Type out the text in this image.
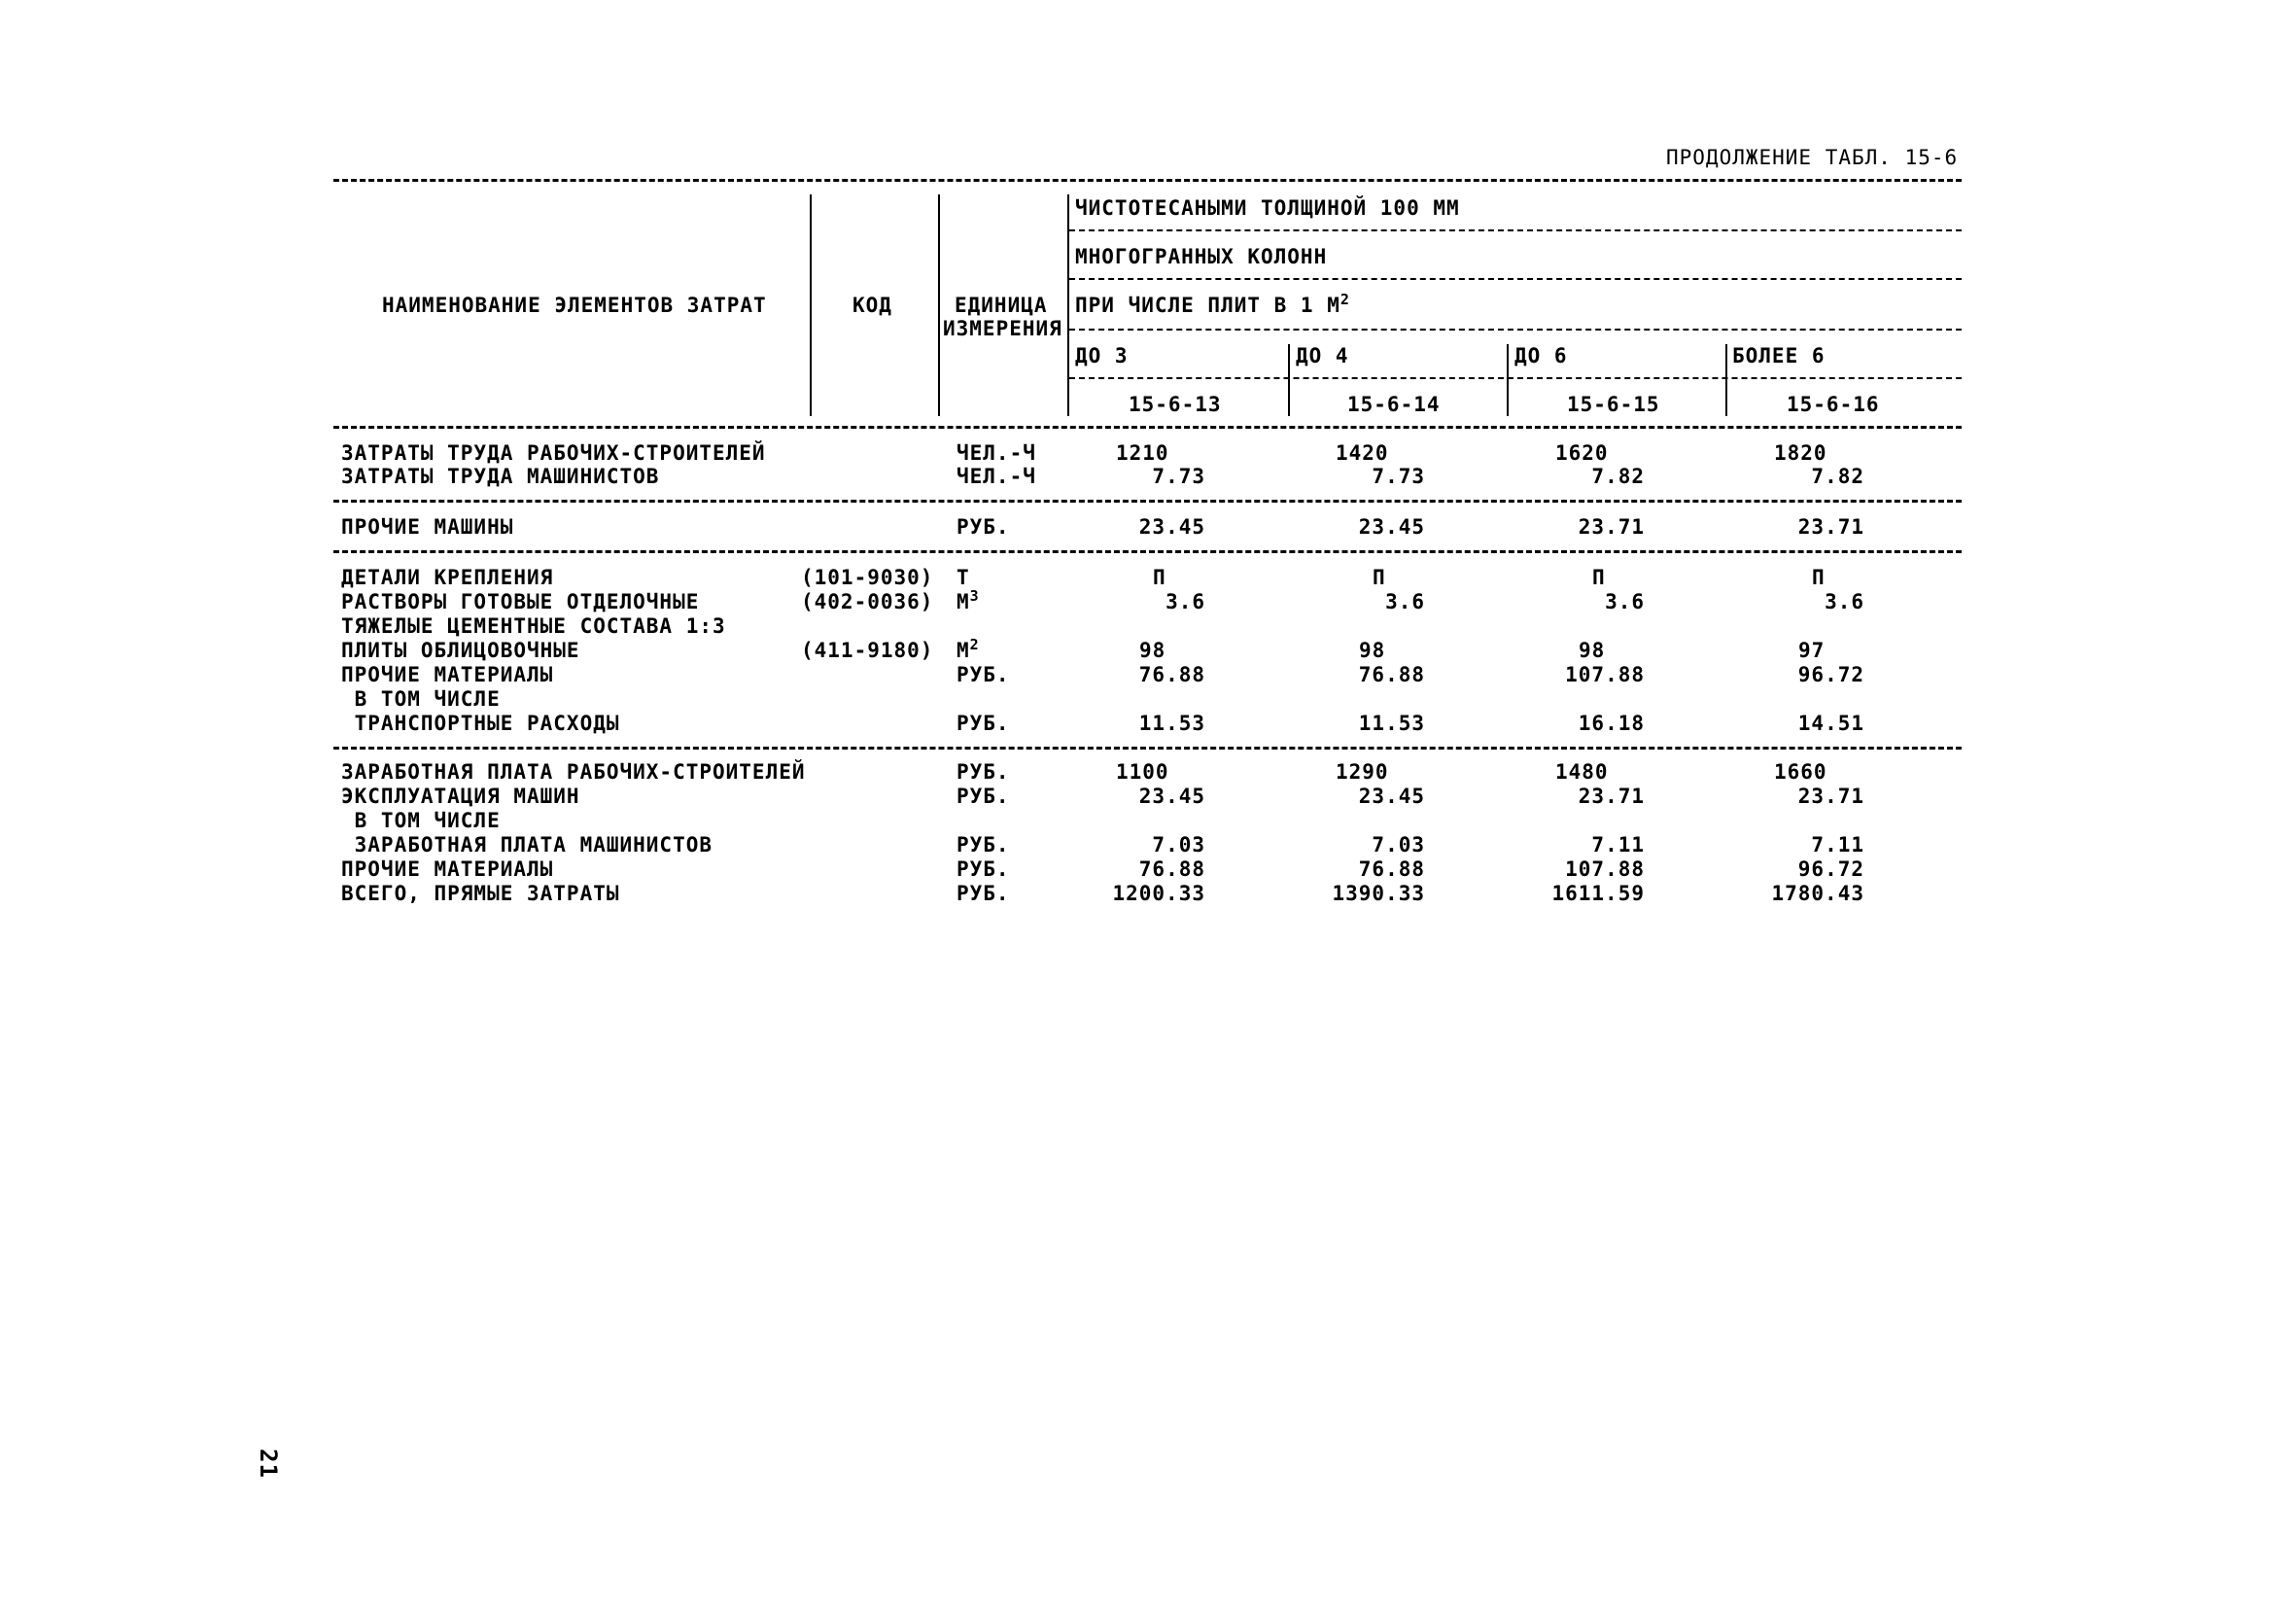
ПРОДОЛЖЕНИЕ ТАБЛ. 15-6
НАИМЕНОВАНИЕ ЭЛЕМЕНТОВ ЗАТРАТ	КОД	ЕДИНИЦА
ИЗМЕРЕНИЯ
ЧИСТОТЕСАНЫМИ ТОЛЩИНОЙ 100 ММ
МНОГОГРАННЫХ КОЛОНН
ПРИ ЧИСЛЕ ПЛИТ В 1 $М^2$
ДО 3	ДО 4	ДО 6	БОЛЕЕ 6
15-6-13	15-6-14	15-6-15	15-6-16
ЗАТРАТЫ ТРУДА РАБОЧИХ-СТРОИТЕЛЕЙ	ЧЕЛ.-Ч	1210	1420	1620	1820
ЗАТРАТЫ ТРУДА МАШИНИСТОВ	ЧЕЛ.-Ч	7.73	7.73	7.82	7.82
ПРОЧИЕ МАШИНЫ	РУБ.	23.45	23.45	23.71	23.71
ДЕТАЛИ КРЕПЛЕНИЯ	(101-9030) Т	П	П	П	П
РАСТВОРЫ ГОТОВЫЕ ОТДЕЛОЧНЫЕ	(402-0036) $М^3$	3.6	3.6	3.6	3.6
ТЯЖЕЛЫЕ ЦЕМЕНТНЫЕ СОСТАВА 1:3
ПЛИТЫ ОБЛИЦОВОЧНЫЕ	(411-9180) $М^2$	98	98	98	97
ПРОЧИЕ МАТЕРИАЛЫ	РУБ.	76.88	76.88	107.88	96.72
В ТОМ ЧИСЛЕ
ТРАНСПОРТНЫЕ РАСХОДЫ	РУБ.	11.53	11.53	16.18	14.51
ЗАРАБОТНАЯ ПЛАТА РАБОЧИХ-СТРОИТЕЛЕЙ	РУБ.	1100	1290	1480	1660
ЭКСПЛУАТАЦИЯ МАШИН	РУБ.	23.45	23.45	23.71	23.71
В ТОМ ЧИСЛЕ
ЗАРАБОТНАЯ ПЛАТА МАШИНИСТОВ	РУБ.	7.03	7.03	7.11	7.11
ПРОЧИЕ МАТЕРИАЛЫ	РУБ.	76.88	76.88	107.88	96.72
ВСЕГО, ПРЯМЫЕ ЗАТРАТЫ	РУБ.	1200.33	1390.33	1611.59	1780.43
21
